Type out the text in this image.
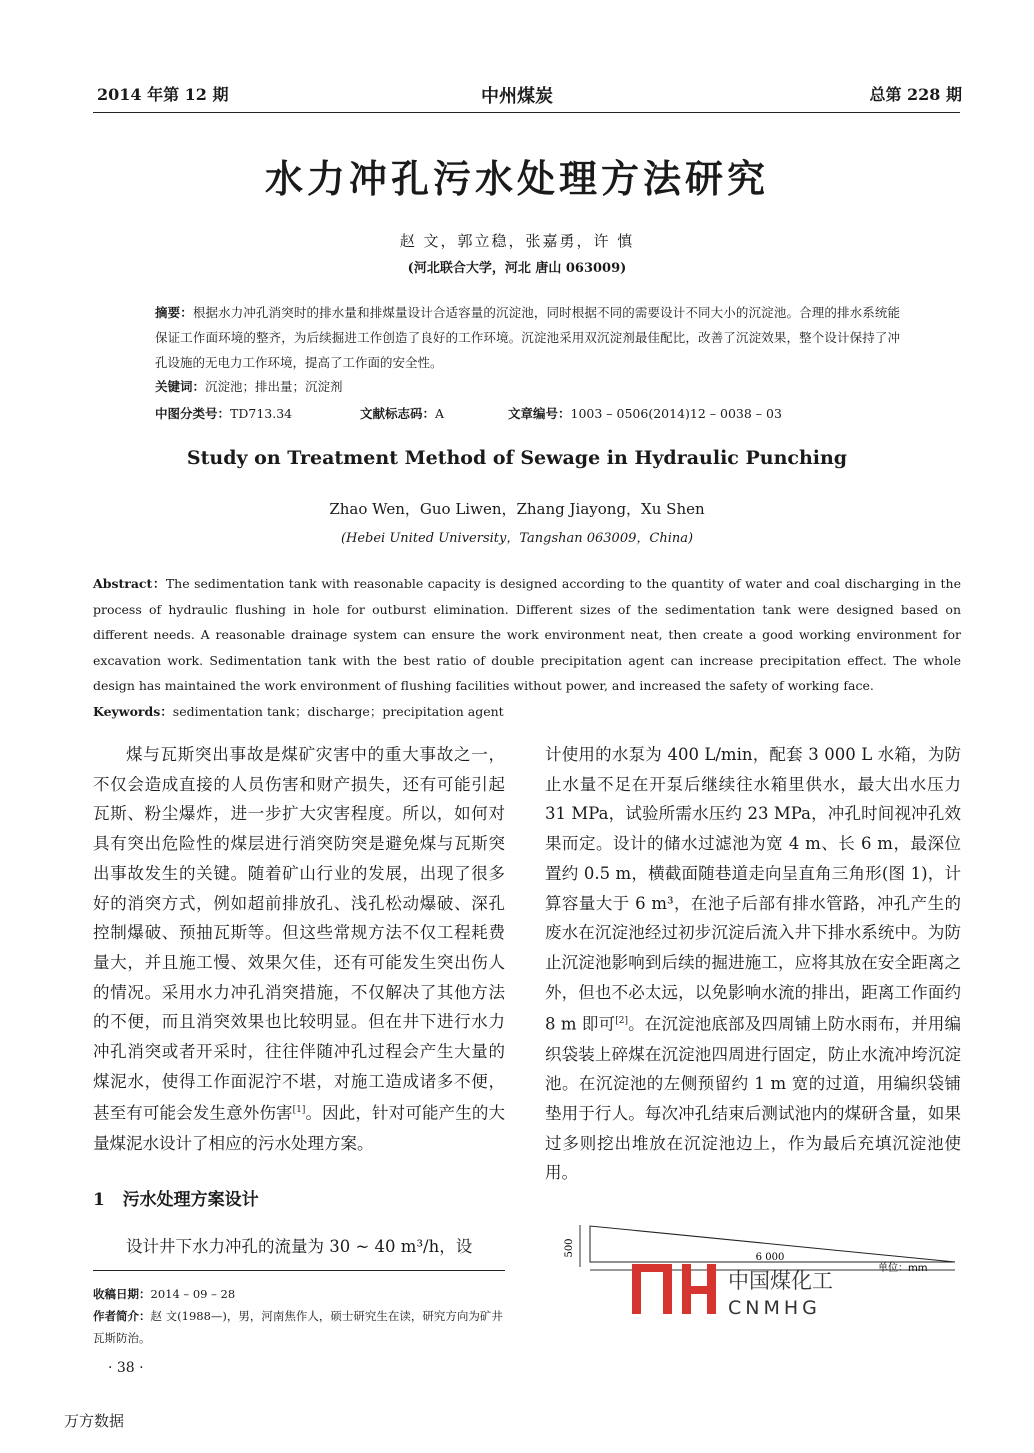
2014 年第 12 期	中州煤炭	总第 228 期
水力冲孔污水处理方法研究
赵 文，郭立稳，张嘉勇，许 慎
(河北联合大学，河北 唐山 063009)
摘要：根据水力冲孔消突时的排水量和排煤量设计合适容量的沉淀池，同时根据不同的需要设计不同大小的沉淀池。合理的排水系统能保证工作面环境的整齐，为后续掘进工作创造了良好的工作环境。沉淀池采用双沉淀剂最佳配比，改善了沉淀效果，整个设计保持了冲孔设施的无电力工作环境，提高了工作面的安全性。
关键词：沉淀池；排出量；沉淀剂
中图分类号：TD713.34	文献标志码：A	文章编号：1003 – 0506(2014)12 – 0038 – 03
Study on Treatment Method of Sewage in Hydraulic Punching
Zhao Wen，Guo Liwen，Zhang Jiayong，Xu Shen
(Hebei United University，Tangshan 063009，China)
Abstract：The sedimentation tank with reasonable capacity is designed according to the quantity of water and coal discharging in the process of hydraulic flushing in hole for outburst elimination. Different sizes of the sedimentation tank were designed based on different needs. A reasonable drainage system can ensure the work environment neat, then create a good working environment for excavation work. Sedimentation tank with the best ratio of double precipitation agent can increase precipitation effect. The whole design has maintained the work environment of flushing facilities without power, and increased the safety of working face.
Keywords：sedimentation tank；discharge；precipitation agent
煤与瓦斯突出事故是煤矿灾害中的重大事故之一，不仅会造成直接的人员伤害和财产损失，还有可能引起瓦斯、粉尘爆炸，进一步扩大灾害程度。所以，如何对具有突出危险性的煤层进行消突防突是避免煤与瓦斯突出事故发生的关键。随着矿山行业的发展，出现了很多好的消突方式，例如超前排放孔、浅孔松动爆破、深孔控制爆破、预抽瓦斯等。但这些常规方法不仅工程耗费量大，并且施工慢、效果欠佳，还有可能发生突出伤人的情况。采用水力冲孔消突措施，不仅解决了其他方法的不便，而且消突效果也比较明显。但在井下进行水力冲孔消突或者开采时，往往伴随冲孔过程会产生大量的煤泥水，使得工作面泥泞不堪，对施工造成诸多不便，甚至有可能会发生意外伤害[1]。因此，针对可能产生的大量煤泥水设计了相应的污水处理方案。
1 污水处理方案设计
设计井下水力冲孔的流量为 30 ~ 40 m³/h，设
收稿日期：2014 – 09 – 28
作者简介：赵 文(1988—)，男，河南焦作人，硕士研究生在读，研究方向为矿井瓦斯防治。
· 38 ·
万方数据
计使用的水泵为 400 L/min，配套 3 000 L 水箱，为防止水量不足在开泵后继续往水箱里供水，最大出水压力 31 MPa，试验所需水压约 23 MPa，冲孔时间视冲孔效果而定。设计的储水过滤池为宽 4 m、长 6 m，最深位置约 0.5 m，横截面随巷道走向呈直角三角形(图 1)，计算容量大于 6 m³，在池子后部有排水管路，冲孔产生的废水在沉淀池经过初步沉淀后流入井下排水系统中。为防止沉淀池影响到后续的掘进施工，应将其放在安全距离之外，但也不必太远，以免影响水流的排出，距离工作面约 8 m 即可[2]。在沉淀池底部及四周铺上防水雨布，并用编织袋装上碎煤在沉淀池四周进行固定，防止水流冲垮沉淀池。在沉淀池的左侧预留约 1 m 宽的过道，用编织袋铺垫用于行人。每次冲孔结束后测试池内的煤研含量，如果过多则挖出堆放在沉淀池边上，作为最后充填沉淀池使用。
500	6 000
单位：mm
中国煤化工
CNMHG
